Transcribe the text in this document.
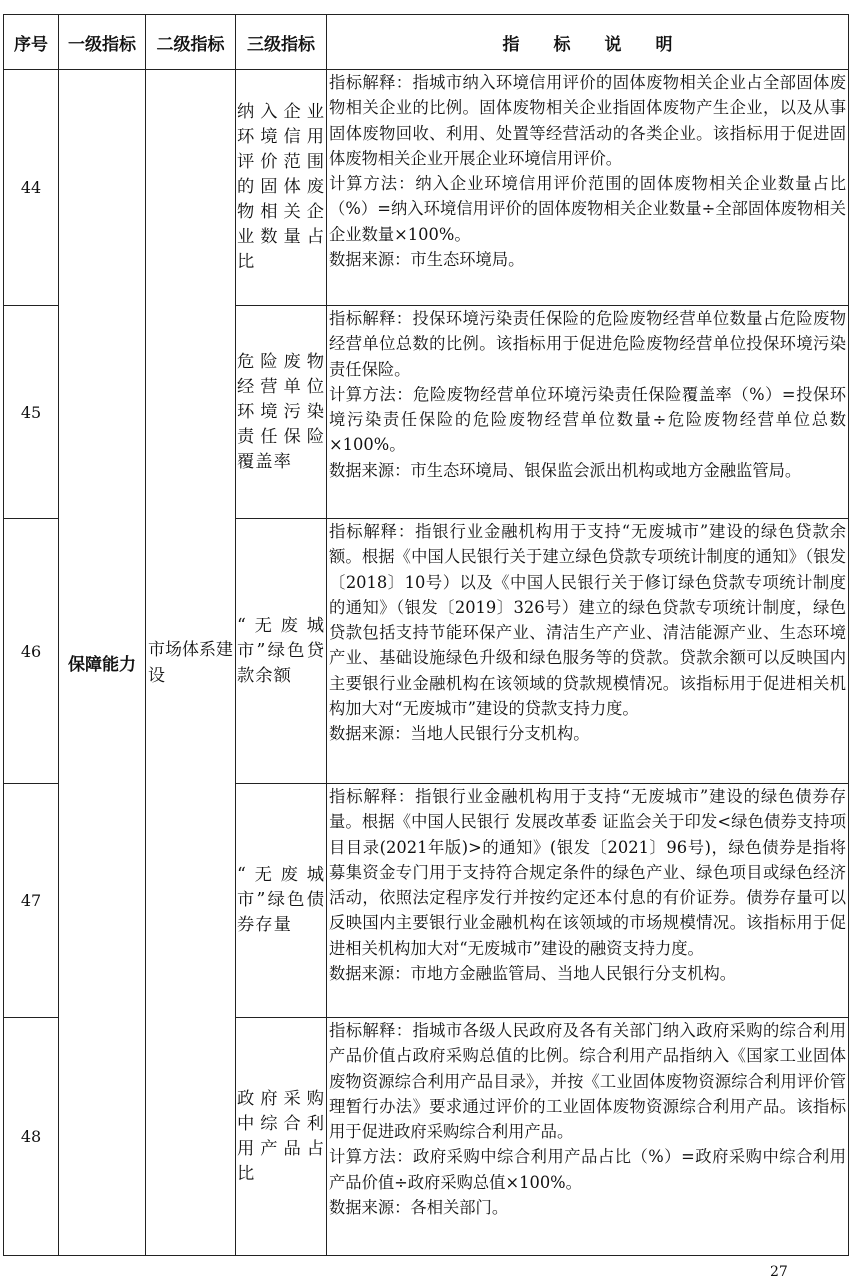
序号	一级指标	二级指标	三级指标	指标说明
44	保障能力	市场体系建设	纳入企业环境信用评价范围的固体废物相关企业数量占比	指标解释：指城市纳入环境信用评价的固体废物相关企业占全部固体废物相关企业的比例。固体废物相关企业指固体废物产生企业，以及从事固体废物回收、利用、处置等经营活动的各类企业。该指标用于促进固体废物相关企业开展企业环境信用评价。
计算方法：纳入企业环境信用评价范围的固体废物相关企业数量占比（%）=纳入环境信用评价的固体废物相关企业数量÷全部固体废物相关企业数量×100%。
数据来源：市生态环境局。

45			危险废物经营单位环境污染责任保险覆盖率	指标解释：投保环境污染责任保险的危险废物经营单位数量占危险废物经营单位总数的比例。该指标用于促进危险废物经营单位投保环境污染责任保险。
计算方法：危险废物经营单位环境污染责任保险覆盖率（%）=投保环境污染责任保险的危险废物经营单位数量÷危险废物经营单位总数×100%。
数据来源：市生态环境局、银保监会派出机构或地方金融监管局。

46			“无废城市”绿色贷款余额	指标解释：指银行业金融机构用于支持“无废城市”建设的绿色贷款余额。根据《中国人民银行关于建立绿色贷款专项统计制度的通知》（银发〔2018〕10号）以及《中国人民银行关于修订绿色贷款专项统计制度的通知》（银发〔2019〕326号）建立的绿色贷款专项统计制度，绿色贷款包括支持节能环保产业、清洁生产产业、清洁能源产业、生态环境产业、基础设施绿色升级和绿色服务等的贷款。贷款余额可以反映国内主要银行业金融机构在该领域的贷款规模情况。该指标用于促进相关机构加大对“无废城市”建设的贷款支持力度。
数据来源：当地人民银行分支机构。

47			“无废城市”绿色债券存量	指标解释：指银行业金融机构用于支持“无废城市”建设的绿色债券存量。根据《中国人民银行 发展改革委 证监会关于印发<绿色债券支持项目目录(2021年版)>的通知》(银发〔2021〕96号)，绿色债券是指将募集资金专门用于支持符合规定条件的绿色产业、绿色项目或绿色经济活动，依照法定程序发行并按约定还本付息的有价证券。债券存量可以反映国内主要银行业金融机构在该领域的市场规模情况。该指标用于促进相关机构加大对“无废城市”建设的融资支持力度。
数据来源：市地方金融监管局、当地人民银行分支机构。

48			政府采购中综合利用产品占比	指标解释：指城市各级人民政府及各有关部门纳入政府采购的综合利用产品价值占政府采购总值的比例。综合利用产品指纳入《国家工业固体废物资源综合利用产品目录》，并按《工业固体废物资源综合利用评价管理暂行办法》要求通过评价的工业固体废物资源综合利用产品。该指标用于促进政府采购综合利用产品。
计算方法：政府采购中综合利用产品占比（%）=政府采购中综合利用产品价值÷政府采购总值×100%。
数据来源：各相关部门。
27
